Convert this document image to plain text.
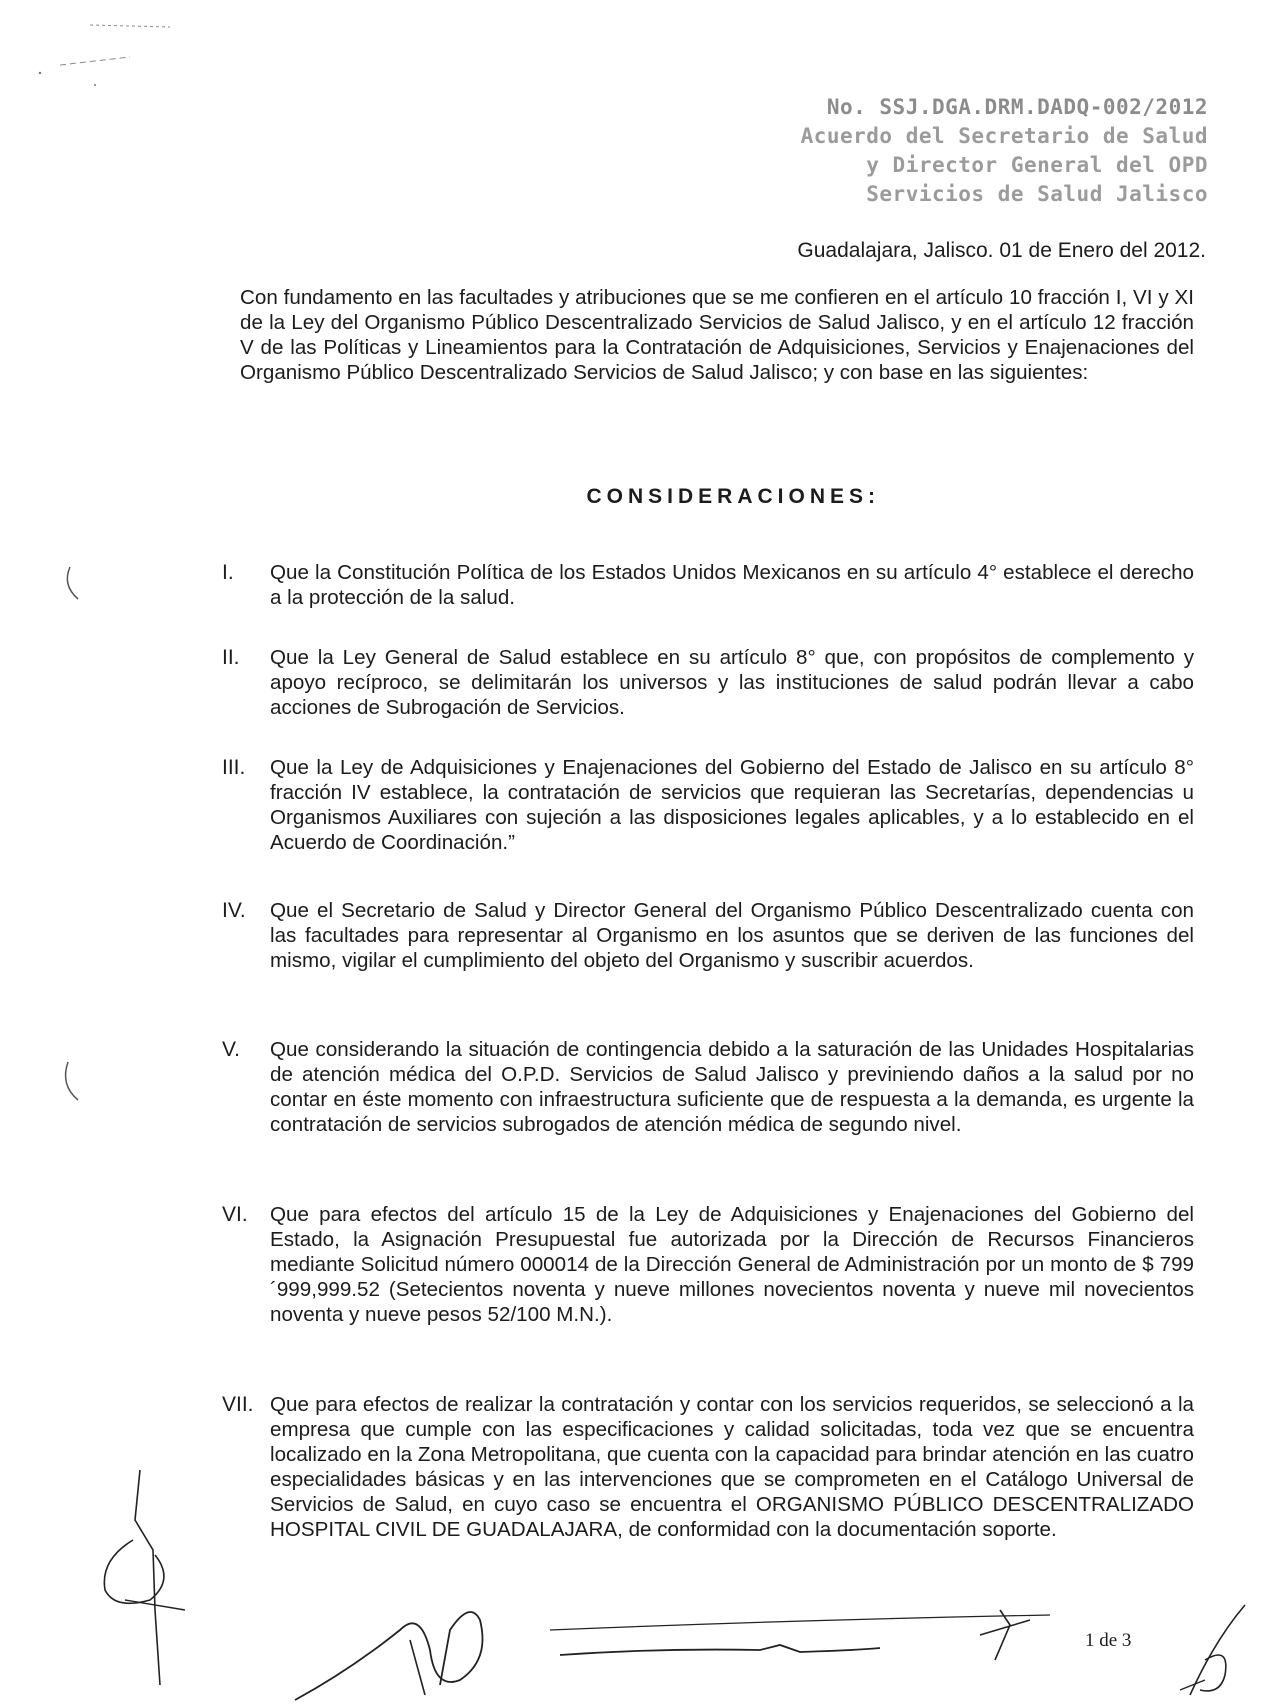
No. SSJ.DGA.DRM.DADQ-002/2012
Acuerdo del Secretario de Salud
y Director General del OPD
Servicios de Salud Jalisco
Guadalajara, Jalisco. 01 de Enero del 2012.
Con fundamento en las facultades y atribuciones que se me confieren en el artículo 10 fracción I, VI y XI de la Ley del Organismo Público Descentralizado Servicios de Salud Jalisco, y en el artículo 12 fracción V de las Políticas y Lineamientos para la Contratación de Adquisiciones, Servicios y Enajenaciones del Organismo Público Descentralizado Servicios de Salud Jalisco; y con base en las siguientes:
CONSIDERACIONES:
I.	Que la Constitución Política de los Estados Unidos Mexicanos en su artículo 4° establece el derecho a la protección de la salud.
II.	Que la Ley General de Salud establece en su artículo 8° que, con propósitos de complemento y apoyo recíproco, se delimitarán los universos y las instituciones de salud podrán llevar a cabo acciones de Subrogación de Servicios.
III.	Que la Ley de Adquisiciones y Enajenaciones del Gobierno del Estado de Jalisco en su artículo 8° fracción IV establece, la contratación de servicios que requieran las Secretarías, dependencias u Organismos Auxiliares con sujeción a las disposiciones legales aplicables, y a lo establecido en el Acuerdo de Coordinación.”
IV.	Que el Secretario de Salud y Director General del Organismo Público Descentralizado cuenta con las facultades para representar al Organismo en los asuntos que se deriven de las funciones del mismo, vigilar el cumplimiento del objeto del Organismo y suscribir acuerdos.
V.	Que considerando la situación de contingencia debido a la saturación de las Unidades Hospitalarias de atención médica del O.P.D. Servicios de Salud Jalisco y previniendo daños a la salud por no contar en éste momento con infraestructura suficiente que de respuesta a la demanda, es urgente la contratación de servicios subrogados de atención médica de segundo nivel.
VI.	Que para efectos del artículo 15 de la Ley de Adquisiciones y Enajenaciones del Gobierno del Estado, la Asignación Presupuestal fue autorizada por la Dirección de Recursos Financieros mediante Solicitud número 000014 de la Dirección General de Administración por un monto de $ 799´999,999.52 (Setecientos noventa y nueve millones novecientos noventa y nueve mil novecientos noventa y nueve pesos 52/100 M.N.).
VII. Que para efectos de realizar la contratación y contar con los servicios requeridos, se seleccionó a la empresa que cumple con las especificaciones y calidad solicitadas, toda vez que se encuentra localizado en la Zona Metropolitana, que cuenta con la capacidad para brindar atención en las cuatro especialidades básicas y en las intervenciones que se comprometen en el Catálogo Universal de Servicios de Salud, en cuyo caso se encuentra el ORGANISMO PÚBLICO DESCENTRALIZADO HOSPITAL CIVIL DE GUADALAJARA, de conformidad con la documentación soporte.
1 de 3
